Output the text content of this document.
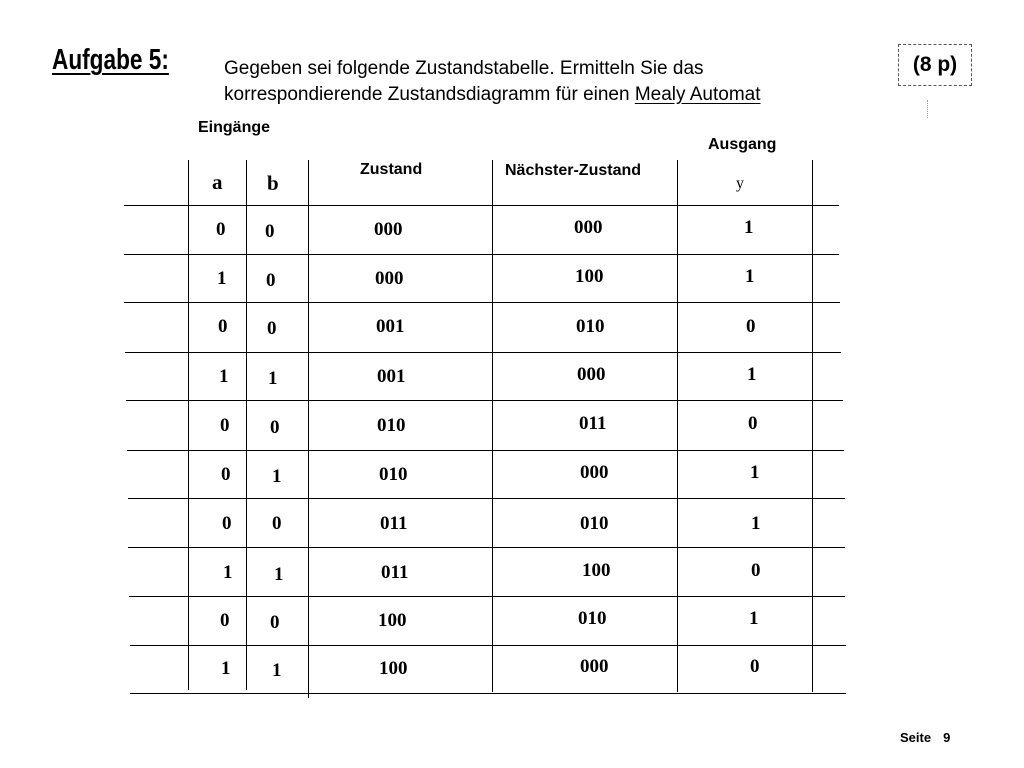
Aufgabe 5:	Gegeben sei folgende Zustandstabelle. Ermitteln Sie das
korrespondierende Zustandsdiagramm für einen Mealy Automat
(8 p)
Eingänge
Ausgang
Zustand	Nächster-Zustand
a b	y
0 0	000	000	1
1 0	000	100	1
0 0	001	010	0
1 1	001	000	1
0 0	010	011	0
0 1	010	000	1
0 0	011	010	1
1 1	011	100	0
0 0	100	010	1
1 1	100	000	0
Seite 9
